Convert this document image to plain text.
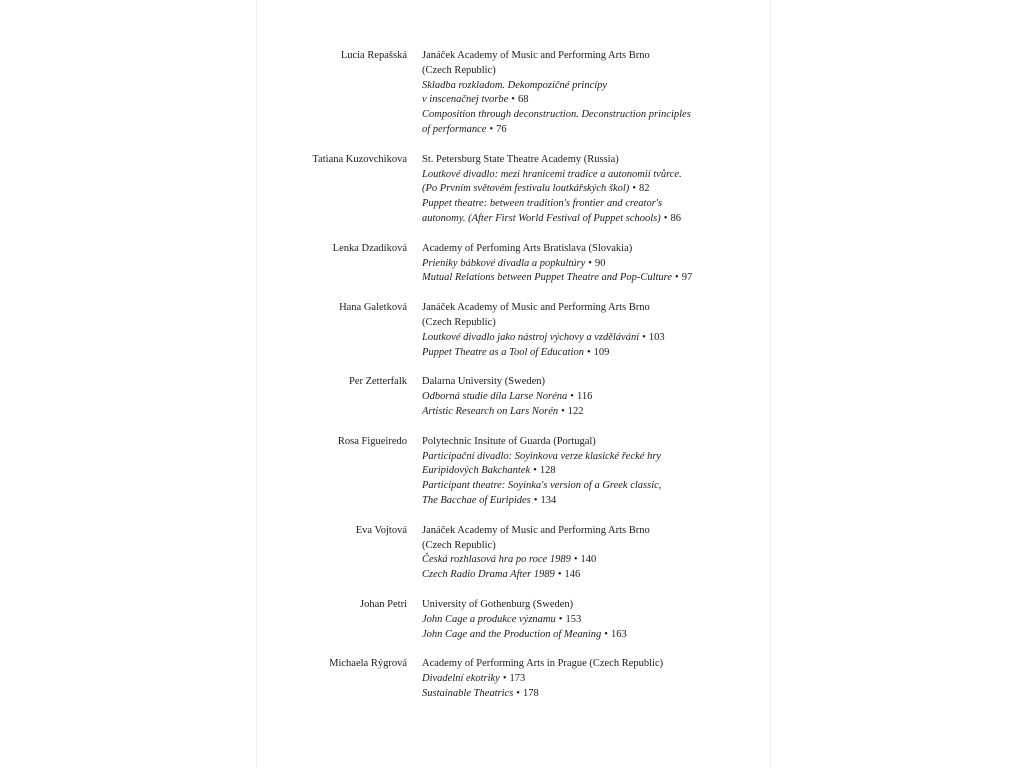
Lucia Repašská	Janáček Academy of Music and Performing Arts Brno
(Czech Republic)
Skladba rozkladom. Dekompozičné princípy
v inscenačnej tvorbe • 68
Composition through deconstruction. Deconstruction principles
of performance • 76
Tatiana Kuzovchikova	St. Petersburg State Theatre Academy (Russia)
Loutkové divadlo: mezi hranicemi tradice a autonomií tvůrce.
(Po Prvním světovém festivalu loutkářských škol) • 82
Puppet theatre: between tradition's frontier and creator's
autonomy. (After First World Festival of Puppet schools) • 86
Lenka Dzadíková	Academy of Perfoming Arts Bratislava (Slovakia)
Prieniky bábkové divadla a popkultúry • 90
Mutual Relations between Puppet Theatre and Pop-Culture • 97
Hana Galetková	Janáček Academy of Music and Performing Arts Brno
(Czech Republic)
Loutkové divadlo jako nástroj výchovy a vzdělávání • 103
Puppet Theatre as a Tool of Education • 109
Per Zetterfalk	Dalarna University (Sweden)
Odborná studie díla Larse Noréna • 116
Artistic Research on Lars Norén • 122
Rosa Figueiredo	Polytechnic Insitute of Guarda (Portugal)
Participační divadlo: Soyinkova verze klasické řecké hry
Euripidových Bakchantek • 128
Participant theatre: Soyinka's version of a Greek classic,
The Bacchae of Euripides • 134
Eva Vojtová	Janáček Academy of Music and Performing Arts Brno
(Czech Republic)
Česká rozhlasová hra po roce 1989 • 140
Czech Radio Drama After 1989 • 146
Johan Petri	University of Gothenburg (Sweden)
John Cage a produkce významu • 153
John Cage and the Production of Meaning • 163
Michaela Rýgrová	Academy of Performing Arts in Prague (Czech Republic)
Divadelní ekotriky • 173
Sustainable Theatrics • 178
